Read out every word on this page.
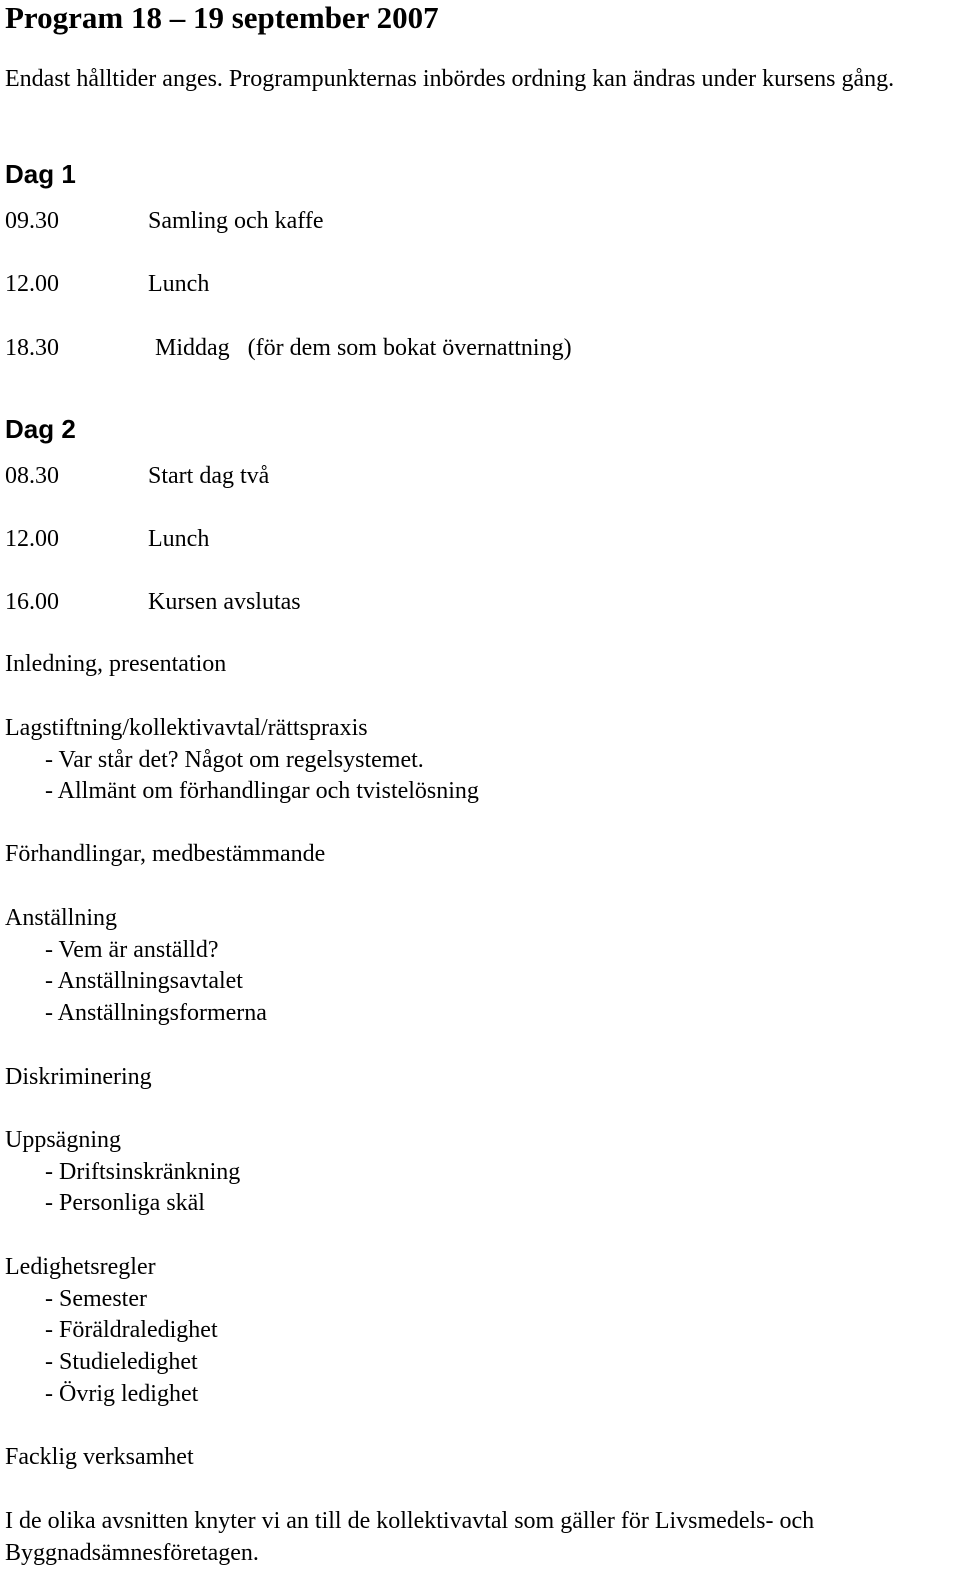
Program 18 – 19 september 2007

Endast hålltider anges. Programpunkternas inbördes ordning kan ändras under kursens gång.

Dag 1
09.30	Samling och kaffe
12.00	Lunch
18.30	Middag   (för dem som bokat övernattning)
Dag 2
08.30	Start dag två
12.00	Lunch
16.00	Kursen avslutas
Inledning, presentation
Lagstiftning/kollektivavtal/rättspraxis
- Var står det? Något om regelsystemet.
- Allmänt om förhandlingar och tvistelösning
Förhandlingar, medbestämmande
Anställning
- Vem är anställd?
- Anställningsavtalet
- Anställningsformerna
Diskriminering
Uppsägning
- Driftsinskränkning
- Personliga skäl
Ledighetsregler
- Semester
- Föräldraledighet
- Studieledighet
- Övrig ledighet
Facklig verksamhet

I de olika avsnitten knyter vi an till de kollektivavtal som gäller för Livsmedels- och Byggnadsämnesföretagen.
